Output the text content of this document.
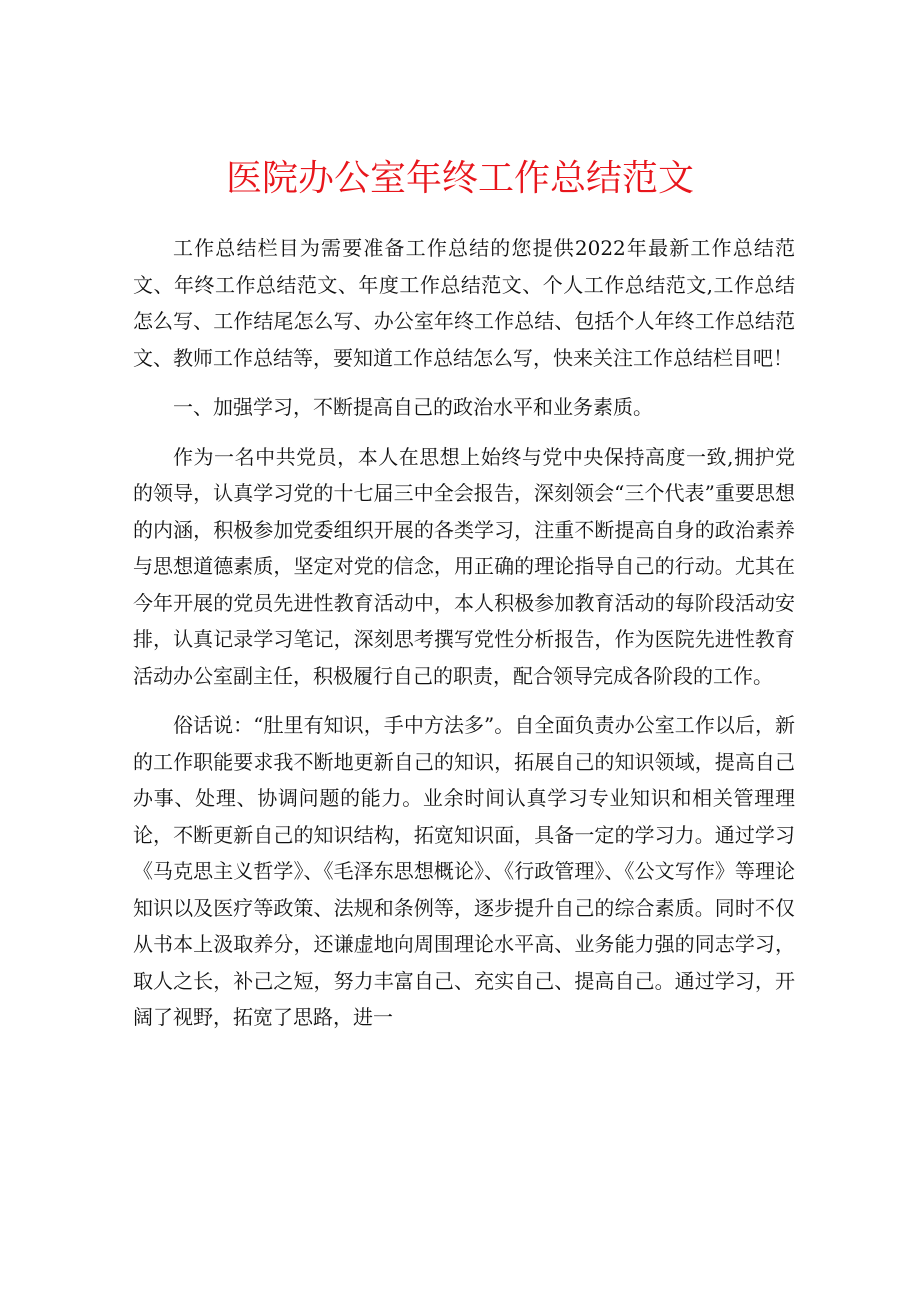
医院办公室年终工作总结范文

工作总结栏目为需要准备工作总结的您提供2022年最新工作总结范文、年终工作总结范文、年度工作总结范文、个人工作总结范文,工作总结怎么写、工作结尾怎么写、办公室年终工作总结、包括个人年终工作总结范文、教师工作总结等，要知道工作总结怎么写，快来关注工作总结栏目吧！

一、加强学习，不断提高自己的政治水平和业务素质。

作为一名中共党员，本人在思想上始终与党中央保持高度一致,拥护党的领导，认真学习党的十七届三中全会报告，深刻领会“三个代表”重要思想的内涵，积极参加党委组织开展的各类学习，注重不断提高自身的政治素养与思想道德素质，坚定对党的信念，用正确的理论指导自己的行动。尤其在今年开展的党员先进性教育活动中，本人积极参加教育活动的每阶段活动安排，认真记录学习笔记，深刻思考撰写党性分析报告，作为医院先进性教育活动办公室副主任，积极履行自己的职责，配合领导完成各阶段的工作。

俗话说：“肚里有知识，手中方法多”。自全面负责办公室工作以后，新的工作职能要求我不断地更新自己的知识，拓展自己的知识领域，提高自己办事、处理、协调问题的能力。业余时间认真学习专业知识和相关管理理论，不断更新自己的知识结构，拓宽知识面，具备一定的学习力。通过学习《马克思主义哲学》、《毛泽东思想概论》、《行政管理》、《公文写作》等理论知识以及医疗等政策、法规和条例等，逐步提升自己的综合素质。同时不仅从书本上汲取养分，还谦虚地向周围理论水平高、业务能力强的同志学习，取人之长，补己之短，努力丰富自己、充实自己、提高自己。通过学习，开阔了视野，拓宽了思路，进一
